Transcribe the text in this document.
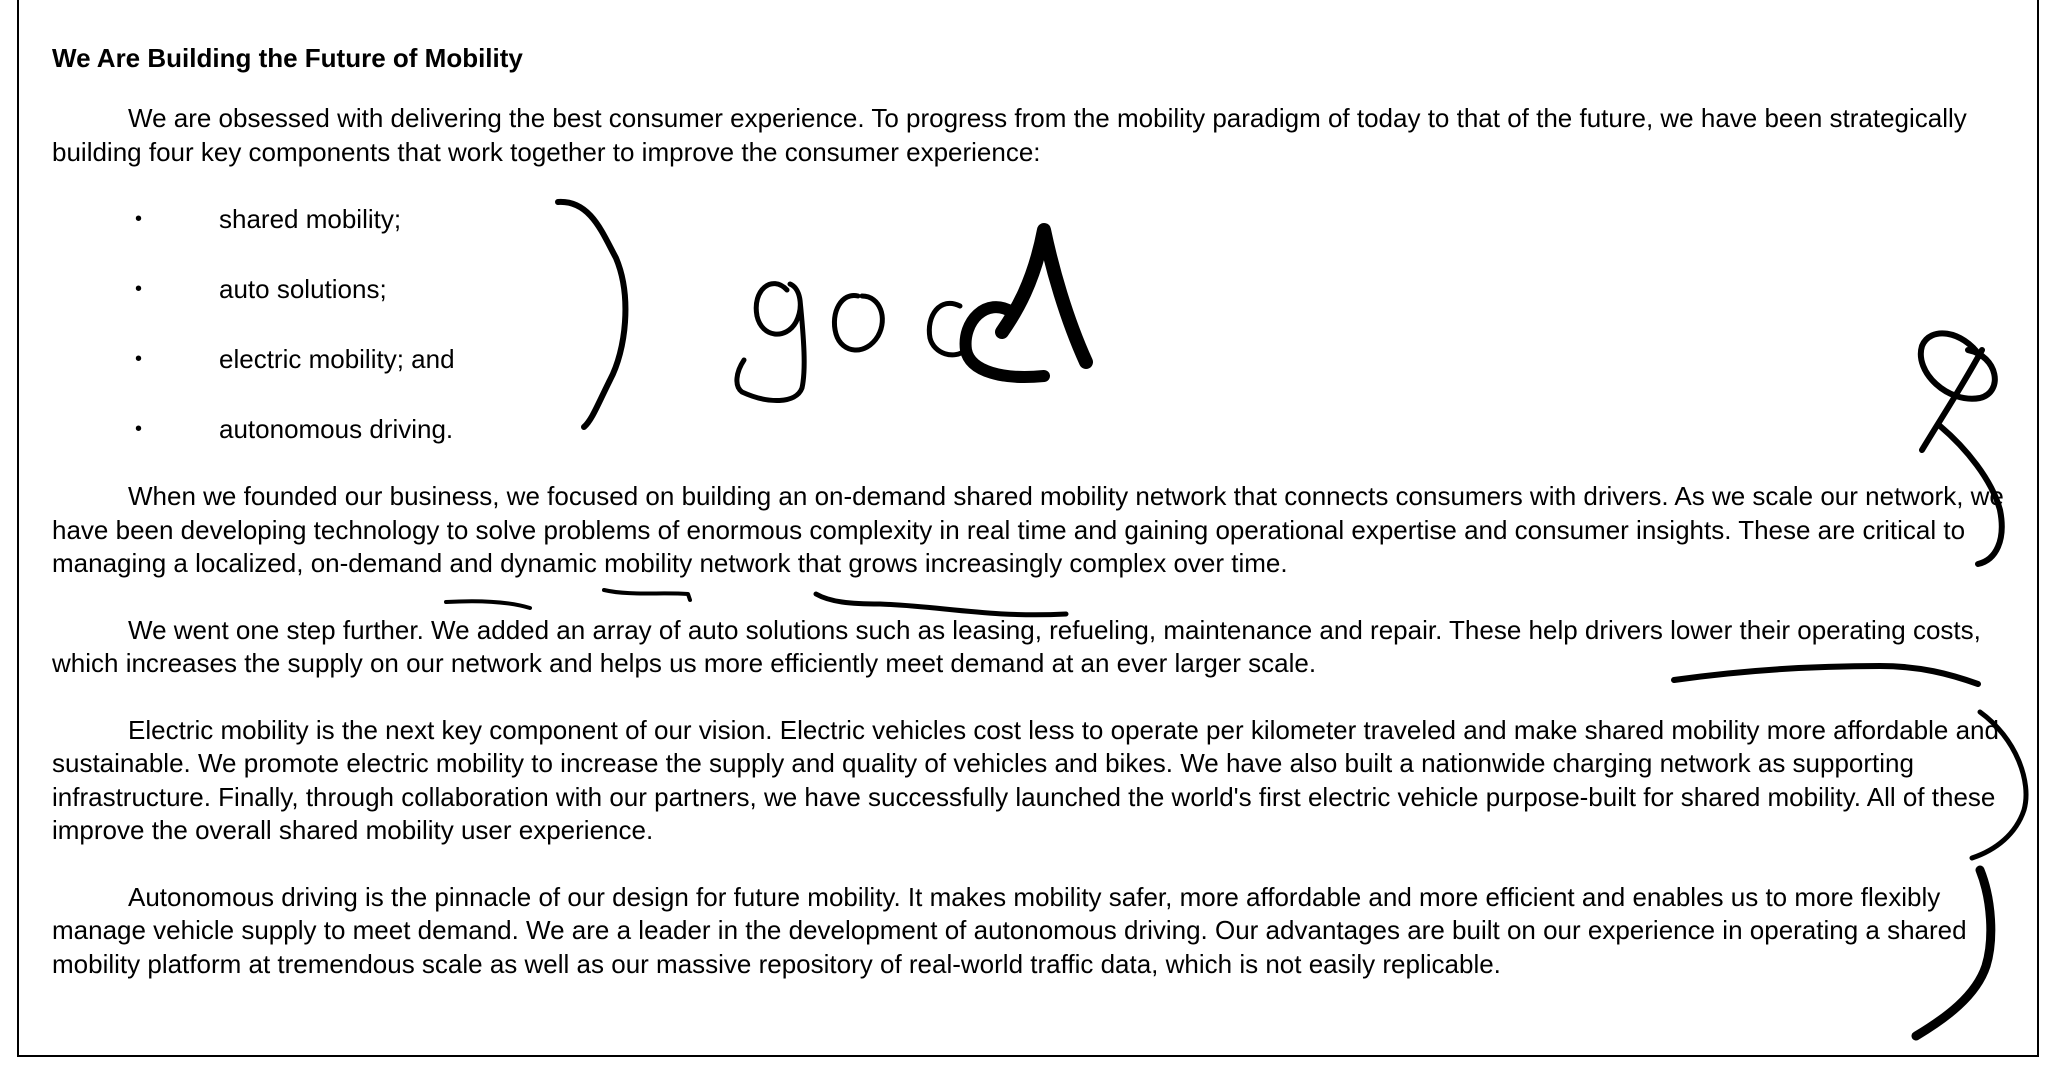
We Are Building the Future of Mobility

We are obsessed with delivering the best consumer experience. To progress from the mobility paradigm of today to that of the future, we have been strategically building four key components that work together to improve the consumer experience:

•	shared mobility;
•	auto solutions;
•	electric mobility; and
•	autonomous driving.

When we founded our business, we focused on building an on-demand shared mobility network that connects consumers with drivers. As we scale our network, we have been developing technology to solve problems of enormous complexity in real time and gaining operational expertise and consumer insights. These are critical to managing a localized, on-demand and dynamic mobility network that grows increasingly complex over time.

We went one step further. We added an array of auto solutions such as leasing, refueling, maintenance and repair. These help drivers lower their operating costs, which increases the supply on our network and helps us more efficiently meet demand at an ever larger scale.

Electric mobility is the next key component of our vision. Electric vehicles cost less to operate per kilometer traveled and make shared mobility more affordable and sustainable. We promote electric mobility to increase the supply and quality of vehicles and bikes. We have also built a nationwide charging network as supporting infrastructure. Finally, through collaboration with our partners, we have successfully launched the world's first electric vehicle purpose-built for shared mobility. All of these improve the overall shared mobility user experience.

Autonomous driving is the pinnacle of our design for future mobility. It makes mobility safer, more affordable and more efficient and enables us to more flexibly manage vehicle supply to meet demand. We are a leader in the development of autonomous driving. Our advantages are built on our experience in operating a shared mobility platform at tremendous scale as well as our massive repository of real-world traffic data, which is not easily replicable.
